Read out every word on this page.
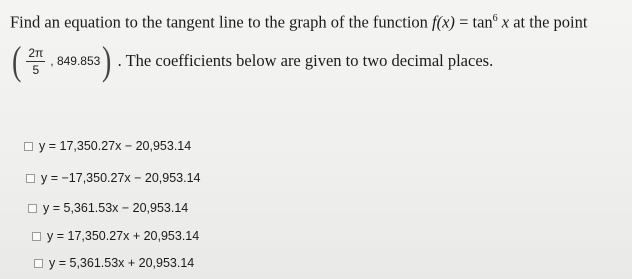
Find an equation to the tangent line to the graph of the function $f(x) = \tan^6 x$ at the point
( $\frac{2\pi}{5}$ , 849.853 ) . The coefficients below are given to two decimal places.
y = 17,350.27x − 20,953.14
y = −17,350.27x − 20,953.14
y = 5,361.53x − 20,953.14
y = 17,350.27x + 20,953.14
y = 5,361.53x + 20,953.14
